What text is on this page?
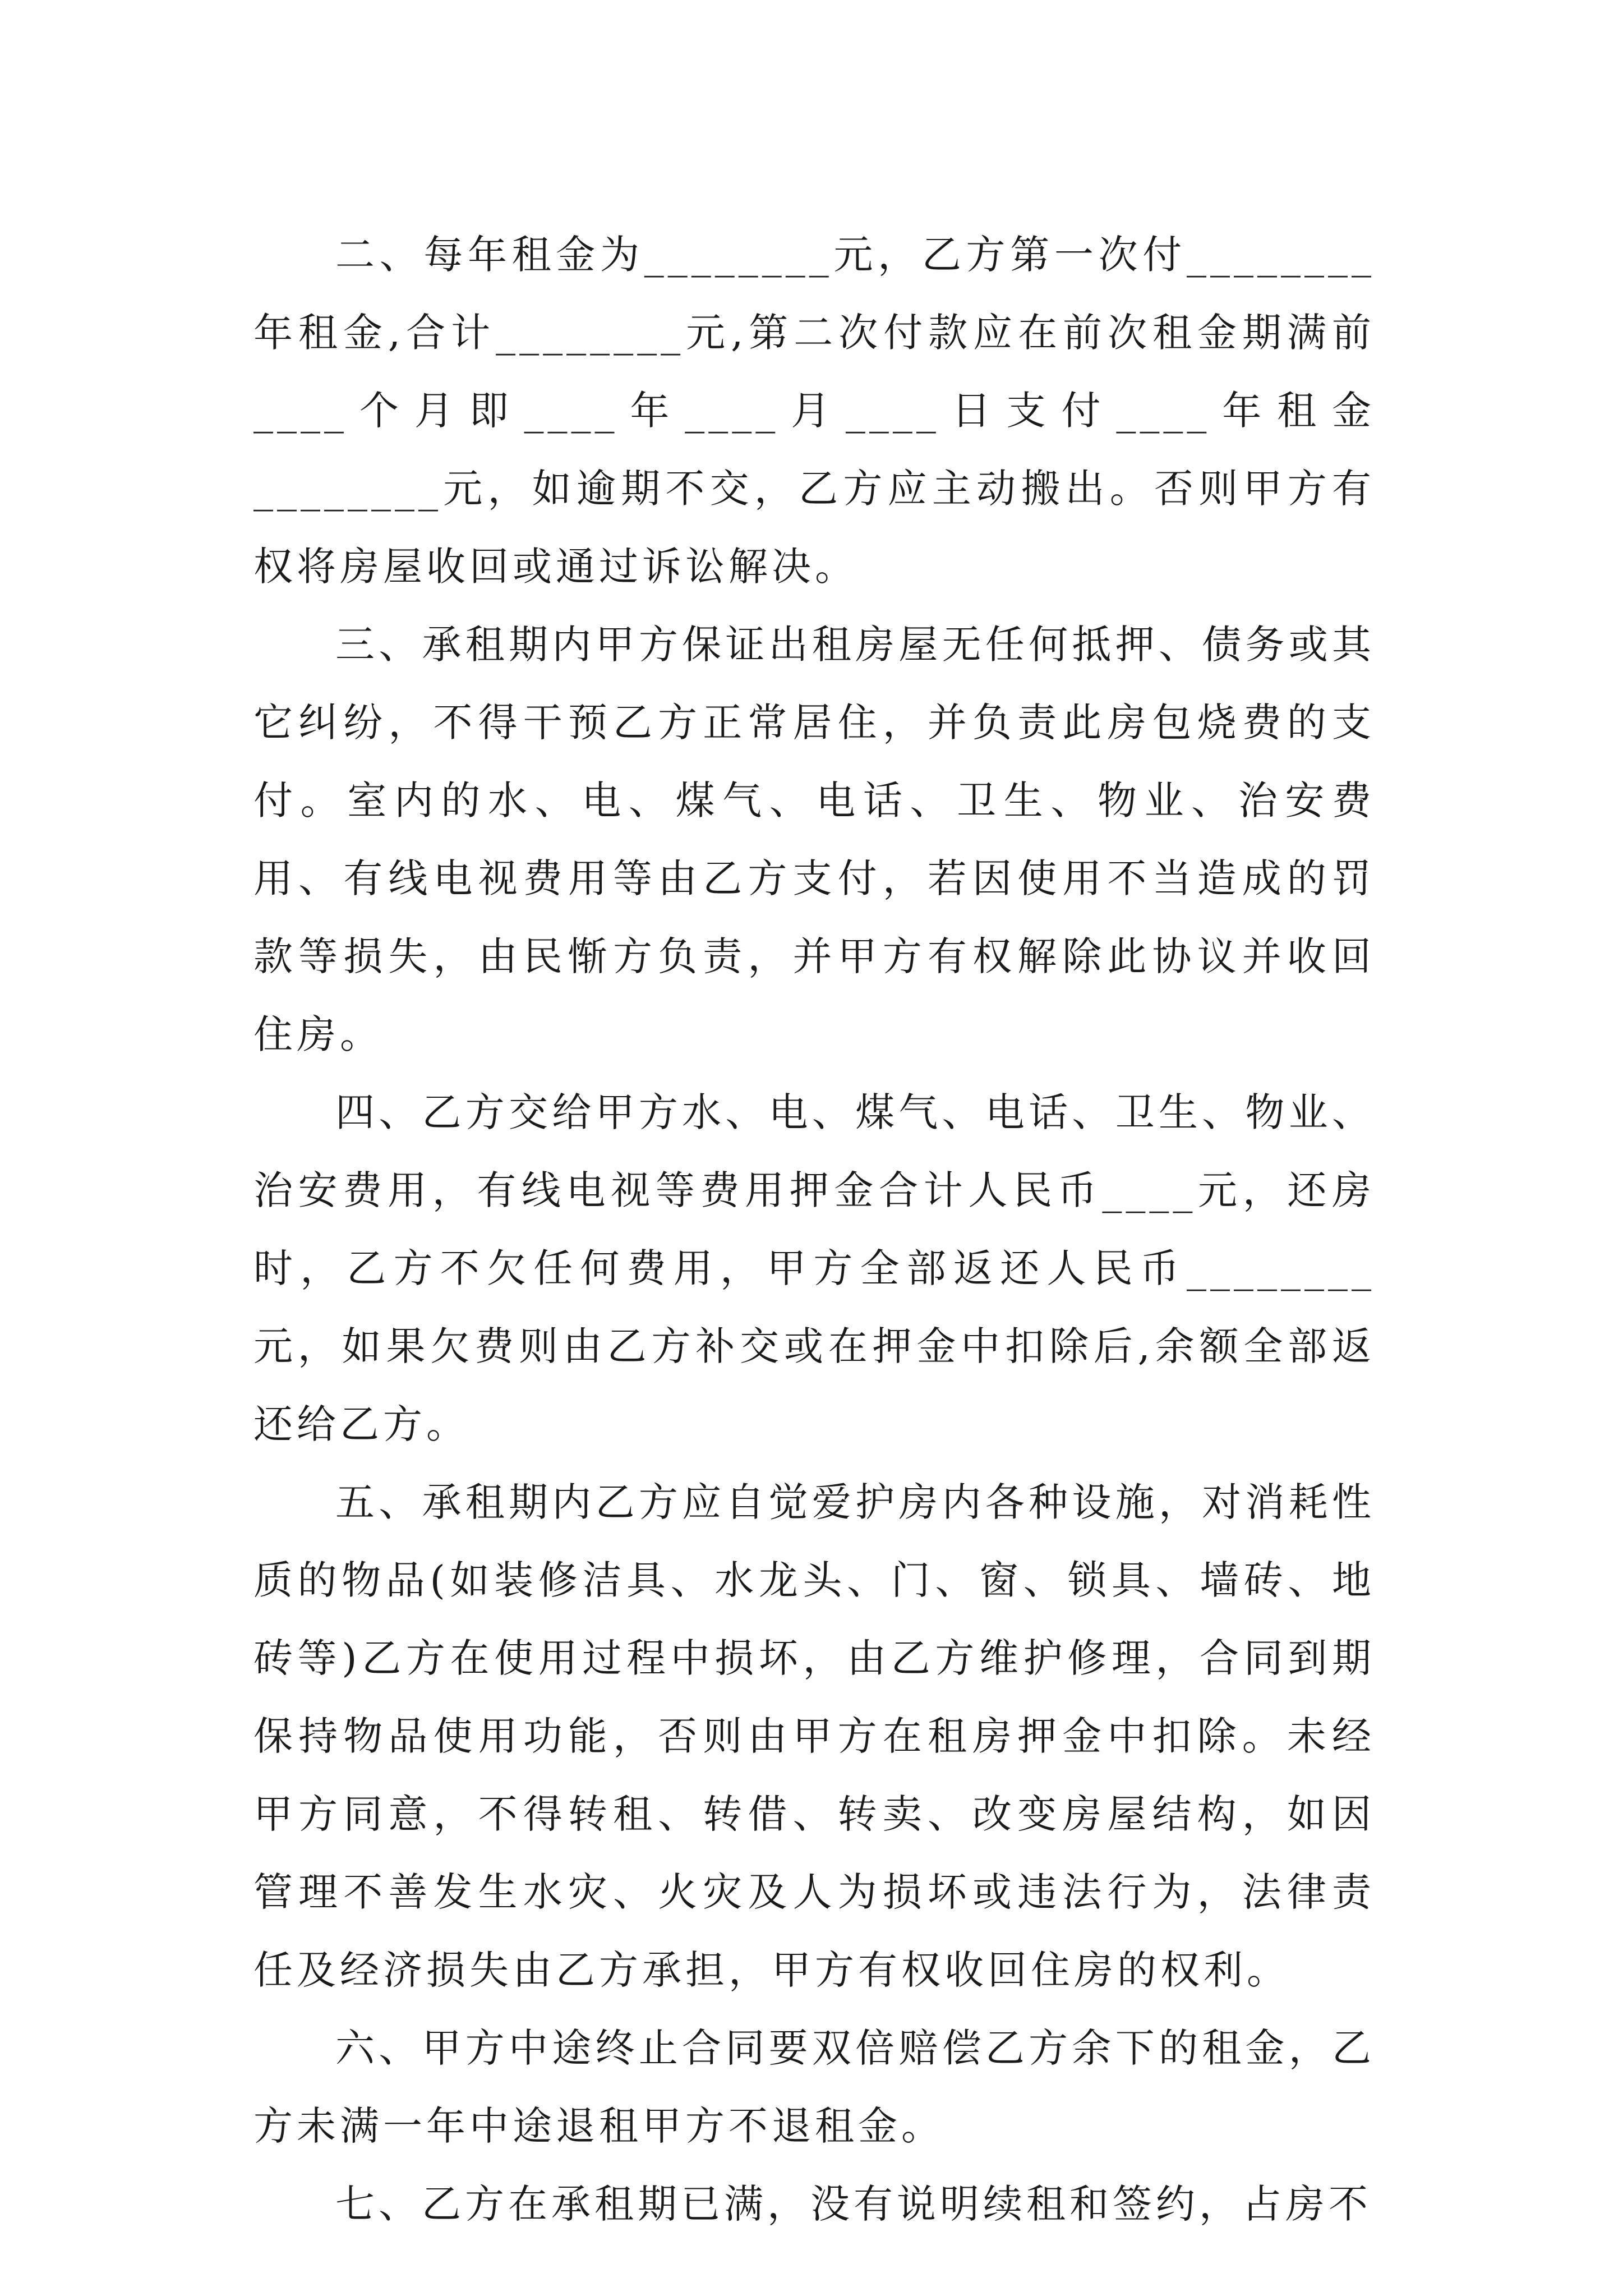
二、每年租金为________元，乙方第一次付________年租金,合计________元,第二次付款应在前次租金期满前____个月即____年____月____日支付____年租金________元，如逾期不交，乙方应主动搬出。否则甲方有权将房屋收回或通过诉讼解决。

三、承租期内甲方保证出租房屋无任何抵押、债务或其它纠纷，不得干预乙方正常居住，并负责此房包烧费的支付。室内的水、电、煤气、电话、卫生、物业、治安费用、有线电视费用等由乙方支付，若因使用不当造成的罚款等损失，由民惭方负责，并甲方有权解除此协议并收回住房。

四、乙方交给甲方水、电、煤气、电话、卫生、物业、治安费用，有线电视等费用押金合计人民币____元，还房时，乙方不欠任何费用，甲方全部返还人民币________元，如果欠费则由乙方补交或在押金中扣除后,余额全部返还给乙方。

五、承租期内乙方应自觉爱护房内各种设施，对消耗性质的物品(如装修洁具、水龙头、门、窗、锁具、墙砖、地砖等)乙方在使用过程中损坏，由乙方维护修理，合同到期保持物品使用功能，否则由甲方在租房押金中扣除。未经甲方同意，不得转租、转借、转卖、改变房屋结构，如因管理不善发生水灾、火灾及人为损坏或违法行为，法律责任及经济损失由乙方承担，甲方有权收回住房的权利。

六、甲方中途终止合同要双倍赔偿乙方余下的租金，乙方未满一年中途退租甲方不退租金。

七、乙方在承租期已满，没有说明续租和签约，占房不
